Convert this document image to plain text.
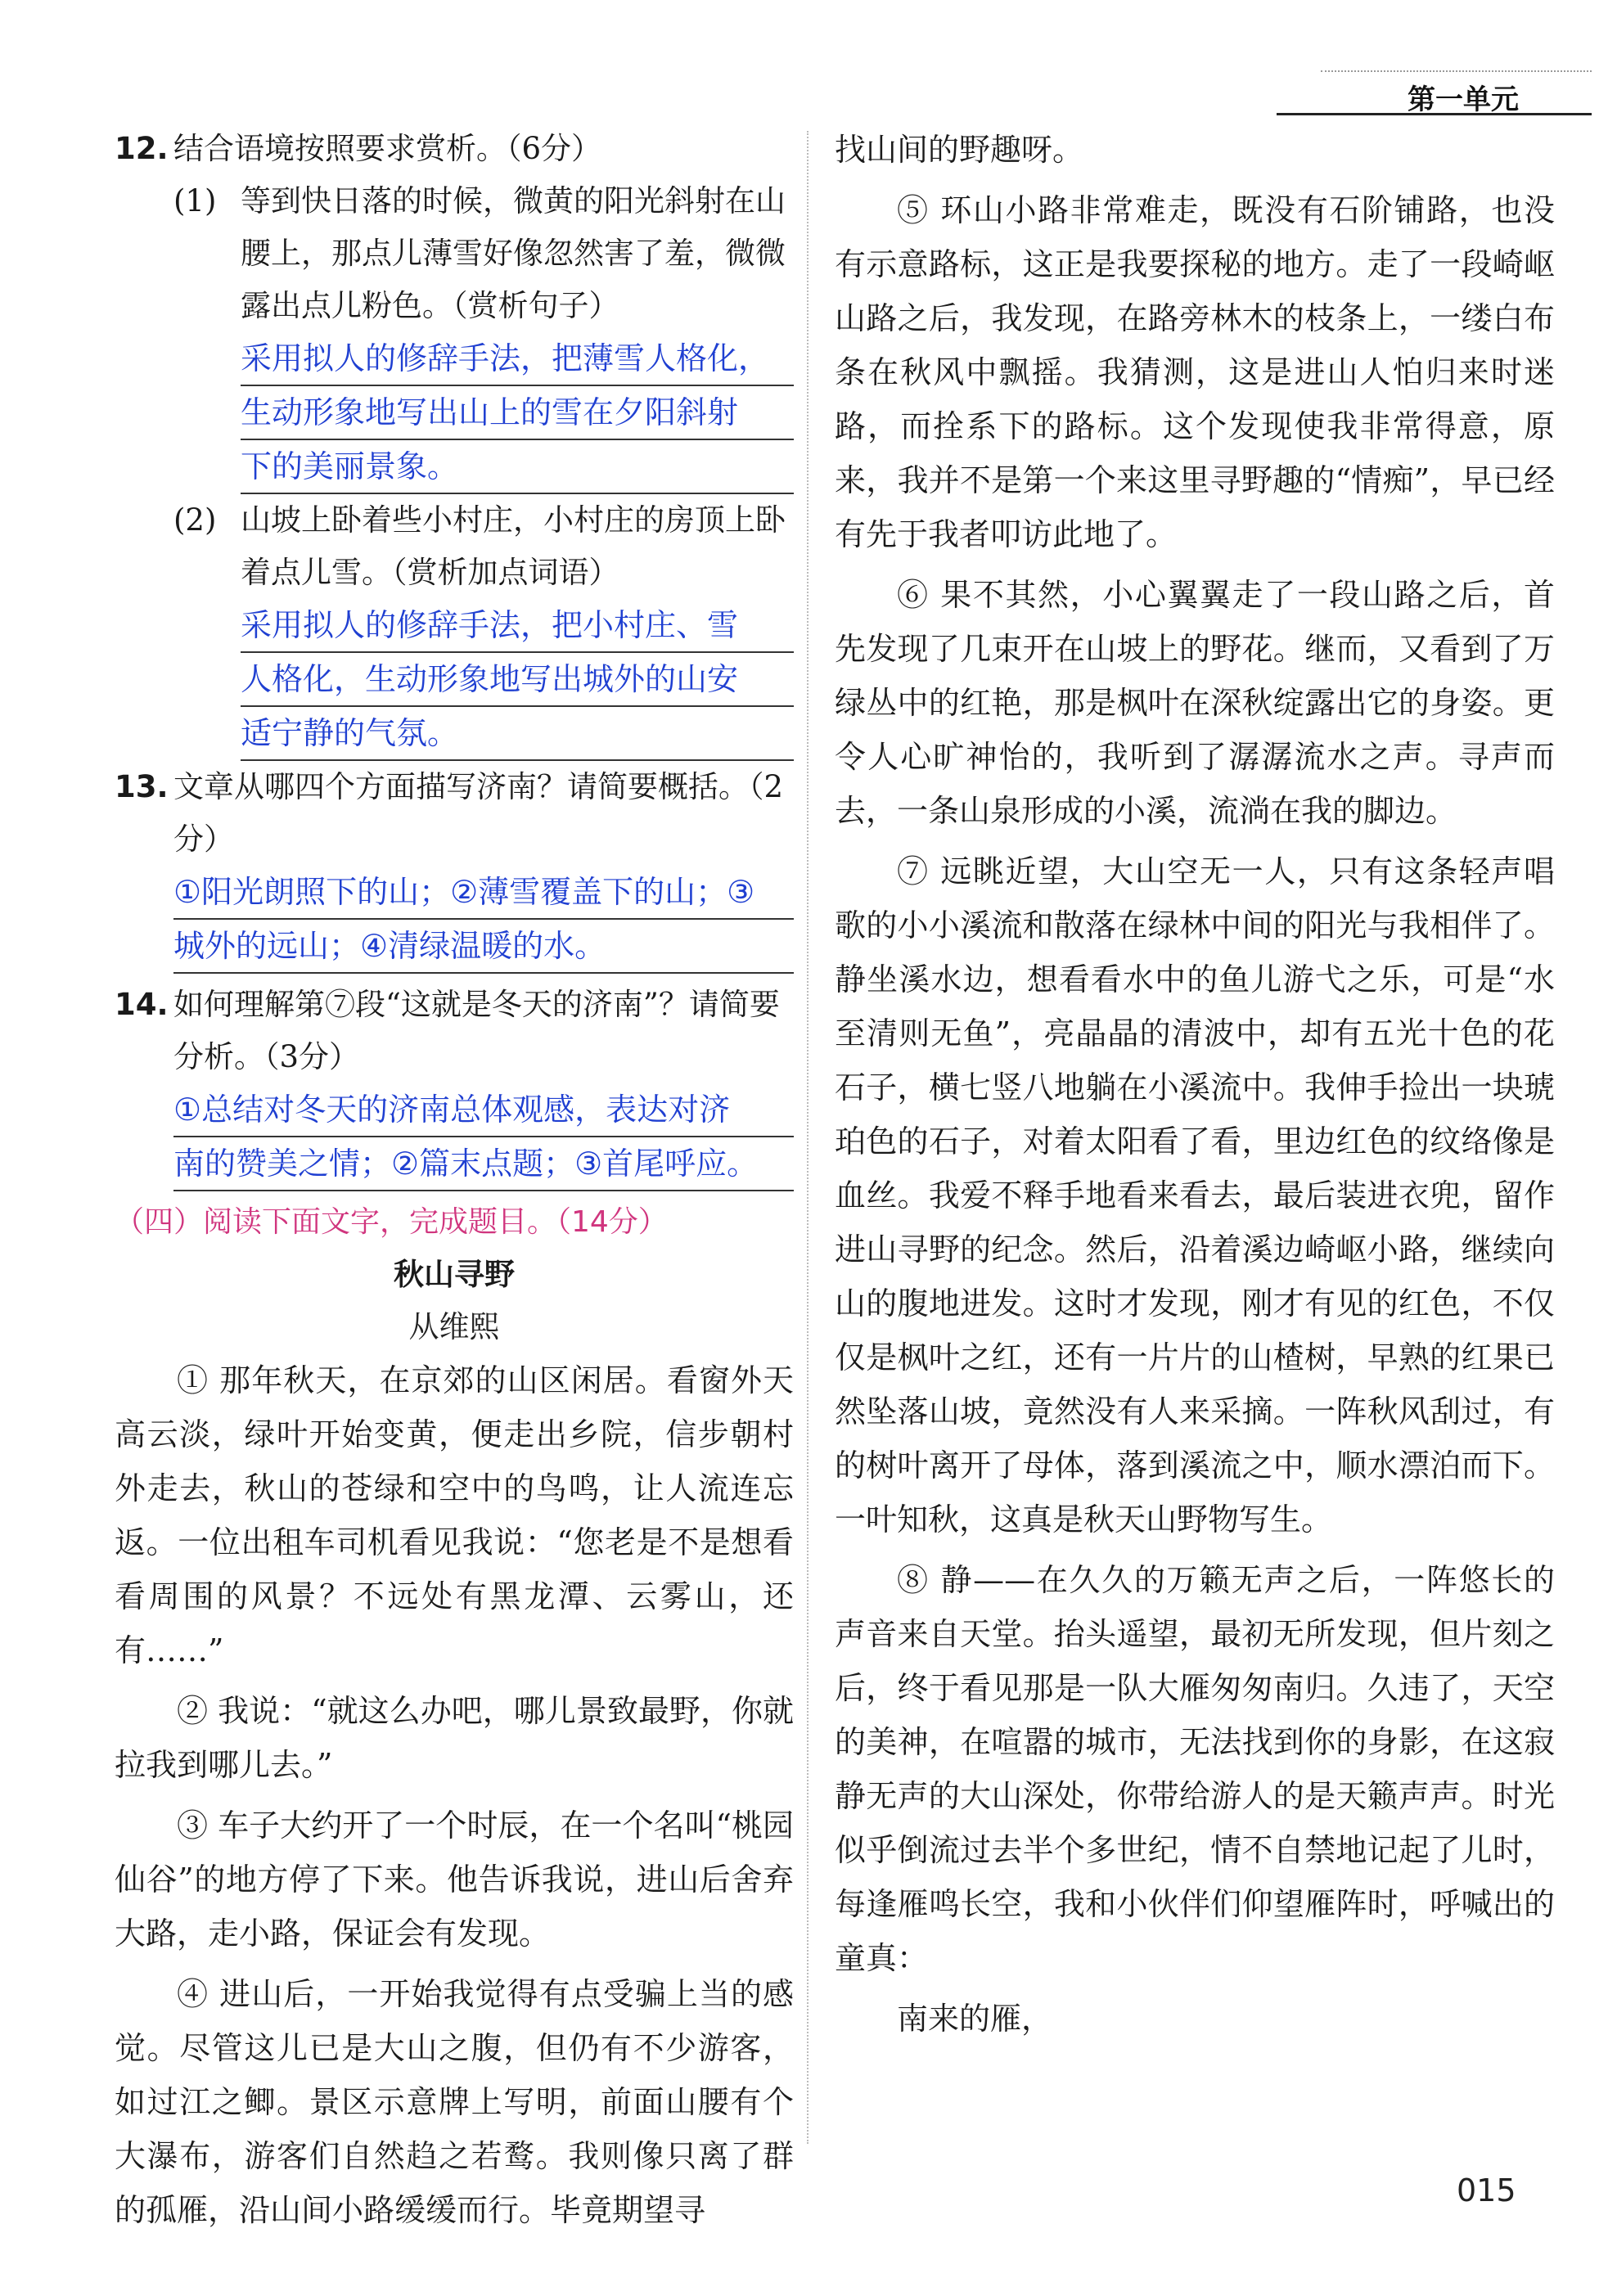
第一单元
12. 结合语境按照要求赏析。（6分）
(1) 等到快日落的时候，微黄的阳光斜射在山腰上，那点儿薄雪好像忽然害了羞，微微露出点儿粉色。（赏析句子）
采用拟人的修辞手法，把薄雪人格化，
生动形象地写出山上的雪在夕阳斜射
下的美丽景象。
(2) 山坡上卧着些小村庄，小村庄的房顶上卧着点儿雪。（赏析加点词语）
采用拟人的修辞手法，把小村庄、雪
人格化，生动形象地写出城外的山安
适宁静的气氛。
13. 文章从哪四个方面描写济南？请简要概括。（2分）
①阳光朗照下的山；②薄雪覆盖下的山；③
城外的远山；④清绿温暖的水。
14. 如何理解第⑦段“这就是冬天的济南”？请简要分析。（3分）
①总结对冬天的济南总体观感，表达对济
南的赞美之情；②篇末点题；③首尾呼应。
（四）阅读下面文字，完成题目。（14分）
秋山寻野
从维熙

① 那年秋天，在京郊的山区闲居。看窗外天高云淡，绿叶开始变黄，便走出乡院，信步朝村外走去，秋山的苍绿和空中的鸟鸣，让人流连忘返。一位出租车司机看见我说：“您老是不是想看看周围的风景？不远处有黑龙潭、云雾山，还有……”

② 我说：“就这么办吧，哪儿景致最野，你就拉我到哪儿去。”

③ 车子大约开了一个时辰，在一个名叫“桃园仙谷”的地方停了下来。他告诉我说，进山后舍弃大路，走小路，保证会有发现。

④ 进山后，一开始我觉得有点受骗上当的感觉。尽管这儿已是大山之腹，但仍有不少游客，如过江之鲫。景区示意牌上写明，前面山腰有个大瀑布，游客们自然趋之若鹜。我则像只离了群的孤雁，沿山间小路缓缓而行。毕竟期望寻

找山间的野趣呀。

⑤ 环山小路非常难走，既没有石阶铺路，也没有示意路标，这正是我要探秘的地方。走了一段崎岖山路之后，我发现，在路旁林木的枝条上，一缕白布条在秋风中飘摇。我猜测，这是进山人怕归来时迷路，而拴系下的路标。这个发现使我非常得意，原来，我并不是第一个来这里寻野趣的“情痴”，早已经有先于我者叩访此地了。

⑥ 果不其然，小心翼翼走了一段山路之后，首先发现了几束开在山坡上的野花。继而，又看到了万绿丛中的红艳，那是枫叶在深秋绽露出它的身姿。更令人心旷神怡的，我听到了潺潺流水之声。寻声而去，一条山泉形成的小溪，流淌在我的脚边。

⑦ 远眺近望，大山空无一人，只有这条轻声唱歌的小小溪流和散落在绿林中间的阳光与我相伴了。静坐溪水边，想看看水中的鱼儿游弋之乐，可是“水至清则无鱼”，亮晶晶的清波中，却有五光十色的花石子，横七竖八地躺在小溪流中。我伸手捡出一块琥珀色的石子，对着太阳看了看，里边红色的纹络像是血丝。我爱不释手地看来看去，最后装进衣兜，留作进山寻野的纪念。然后，沿着溪边崎岖小路，继续向山的腹地进发。这时才发现，刚才有见的红色，不仅仅是枫叶之红，还有一片片的山楂树，早熟的红果已然坠落山坡，竟然没有人来采摘。一阵秋风刮过，有的树叶离开了母体，落到溪流之中，顺水漂泊而下。一叶知秋，这真是秋天山野物写生。

⑧ 静——在久久的万籁无声之后，一阵悠长的声音来自天堂。抬头遥望，最初无所发现，但片刻之后，终于看见那是一队大雁匆匆南归。久违了，天空的美神，在喧嚣的城市，无法找到你的身影，在这寂静无声的大山深处，你带给游人的是天籁声声。时光似乎倒流过去半个多世纪，情不自禁地记起了儿时，每逢雁鸣长空，我和小伙伴们仰望雁阵时，呼喊出的童真：

南来的雁，

015
